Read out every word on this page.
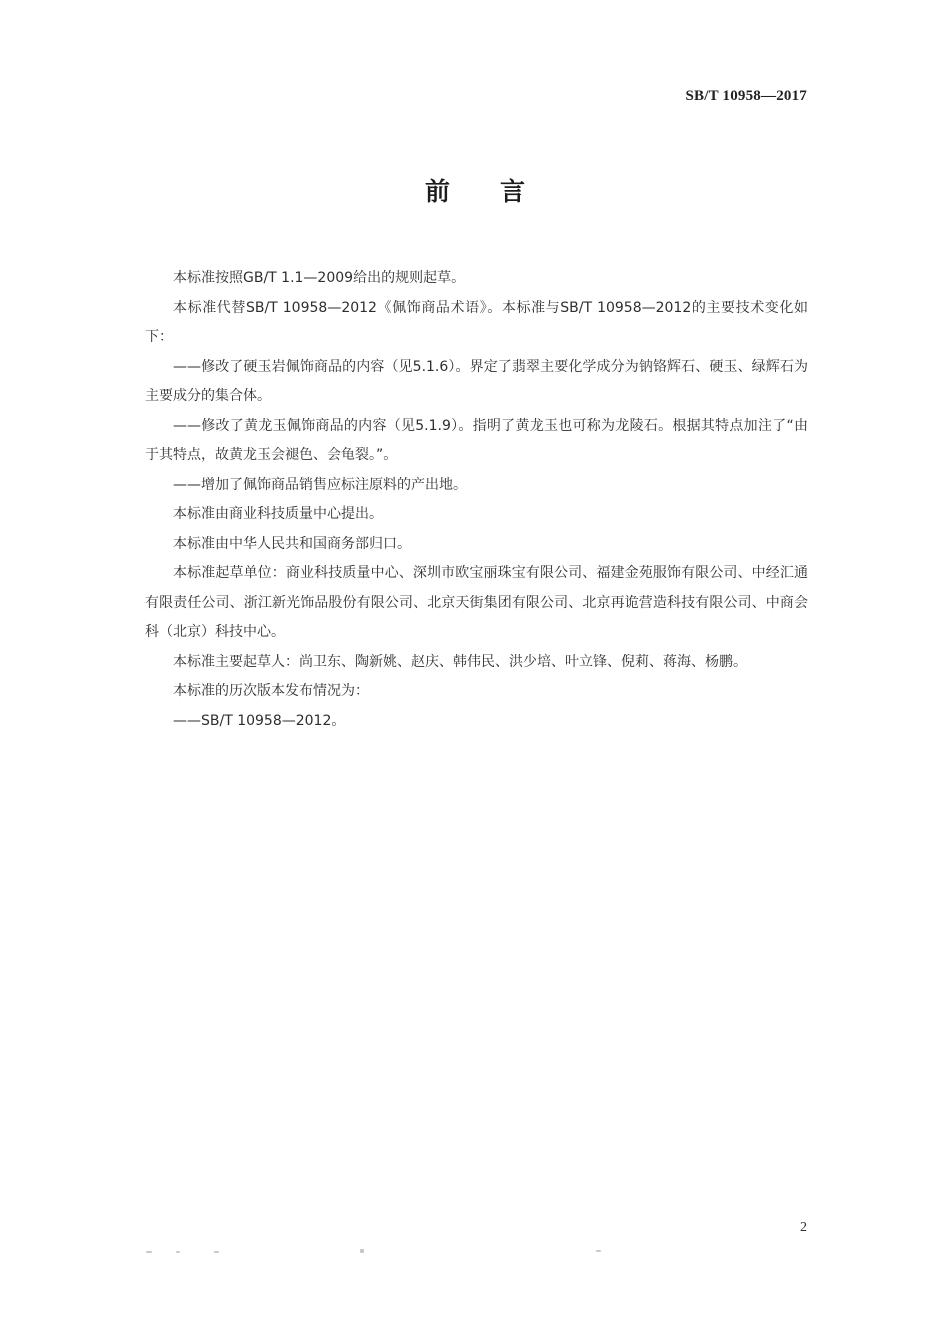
SB/T 10958—2017
前 言

本标准按照GB/T 1.1—2009给出的规则起草。

本标准代替SB/T 10958—2012《佩饰商品术语》。本标准与SB/T 10958—2012的主要技术变化如下：

——修改了硬玉岩佩饰商品的内容（见5.1.6）。界定了翡翠主要化学成分为钠铬辉石、硬玉、绿辉石为主要成分的集合体。

——修改了黄龙玉佩饰商品的内容（见5.1.9）。指明了黄龙玉也可称为龙陵石。根据其特点加注了“由于其特点，故黄龙玉会褪色、会龟裂。”。

——增加了佩饰商品销售应标注原料的产出地。

本标准由商业科技质量中心提出。

本标准由中华人民共和国商务部归口。

本标准起草单位：商业科技质量中心、深圳市欧宝丽珠宝有限公司、福建金苑服饰有限公司、中经汇通有限责任公司、浙江新光饰品股份有限公司、北京天街集团有限公司、北京再诡营造科技有限公司、中商会科（北京）科技中心。

本标准主要起草人：尚卫东、陶新姚、赵庆、韩伟民、洪少培、叶立锋、倪莉、蒋海、杨鹏。

本标准的历次版本发布情况为：

——SB/T 10958—2012。

2
